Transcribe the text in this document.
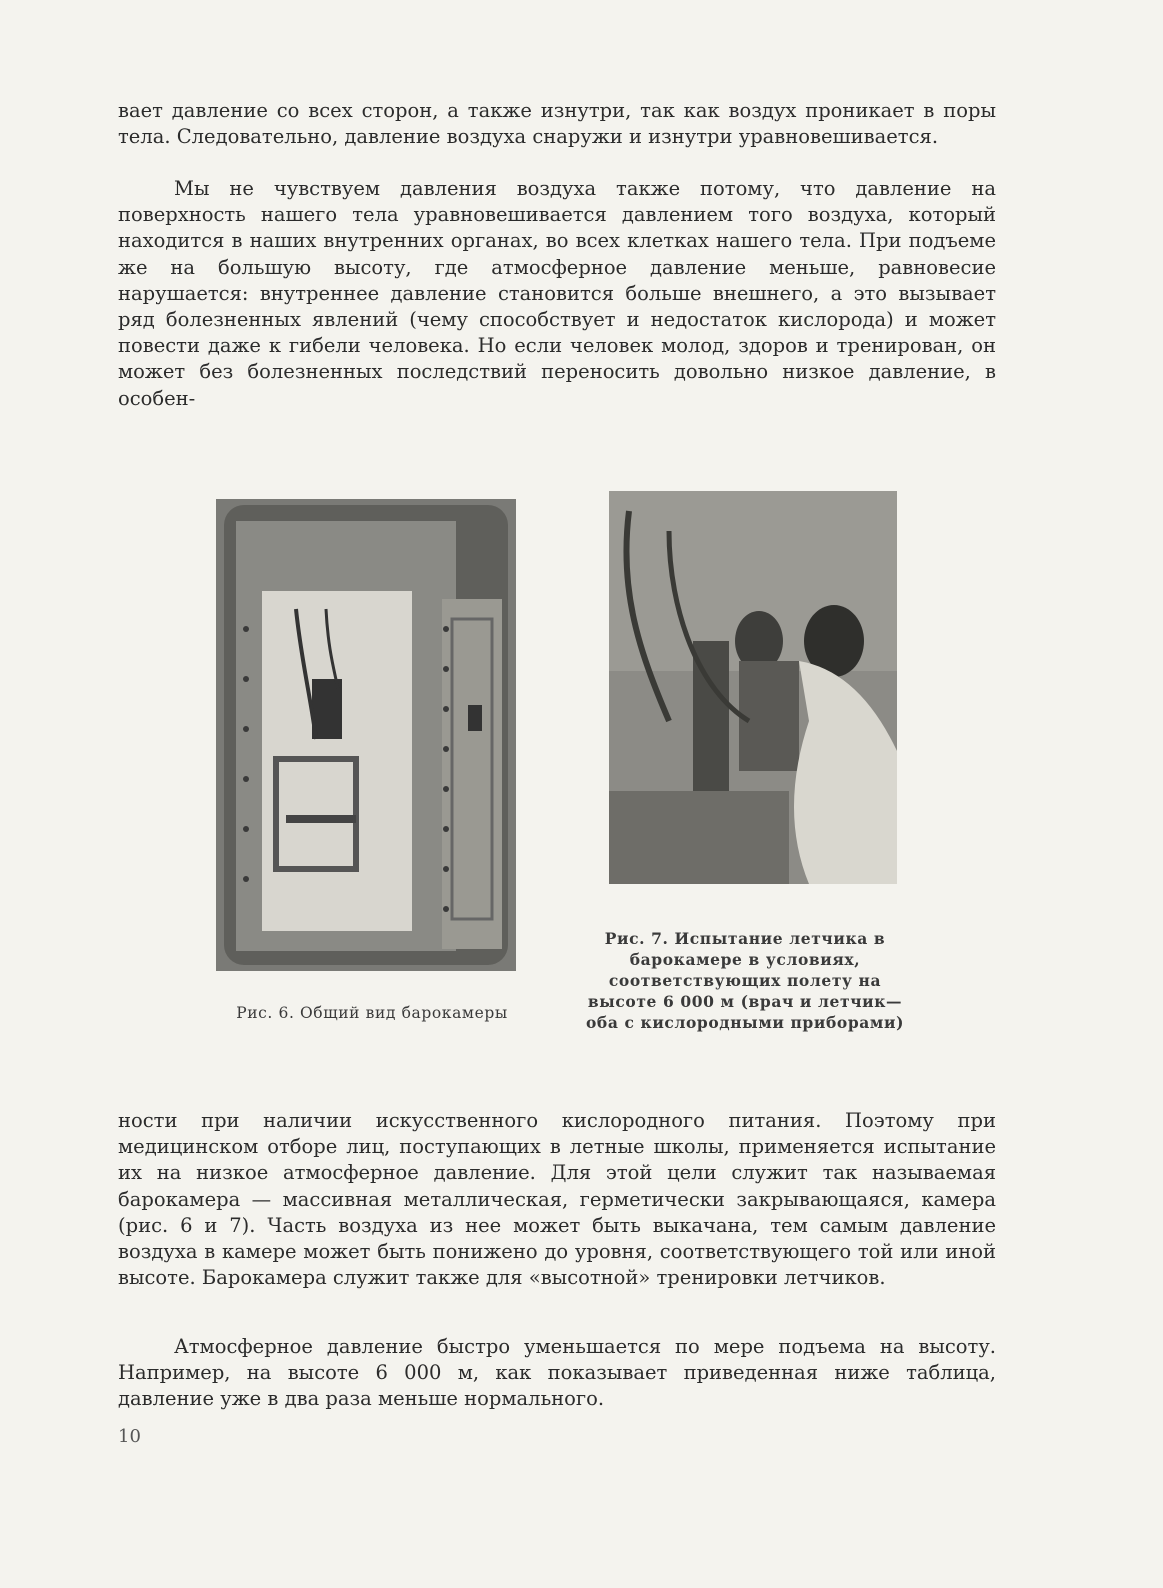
вает давление со всех сторон, а также изнутри, так как воздух проникает в поры тела. Следовательно, давление воздуха снаружи и изнутри уравновешивается.

Мы не чувствуем давления воздуха также потому, что давление на поверхность нашего тела уравновешивается давлением того воздуха, который находится в наших внутренних органах, во всех клетках нашего тела. При подъеме же на большую высоту, где атмосферное давление меньше, равновесие нарушается: внутреннее давление становится больше внешнего, а это вызывает ряд болезненных явлений (чему способствует и недостаток кислорода) и может повести даже к гибели человека. Но если человек молод, здоров и тренирован, он может без болезненных последствий переносить довольно низкое давление, в особен-

Рис. 6. Общий вид барокамеры

Рис. 7. Испытание летчика в барокамере в условиях, соответствующих полету на высоте 6 000 м (врач и летчик—оба с кислородными приборами)

ности при наличии искусственного кислородного питания. Поэтому при медицинском отборе лиц, поступающих в летные школы, применяется испытание их на низкое атмосферное давление. Для этой цели служит так называемая барокамера — массивная металлическая, герметически закрывающаяся, камера (рис. 6 и 7). Часть воздуха из нее может быть выкачана, тем самым давление воздуха в камере может быть понижено до уровня, соответствующего той или иной высоте. Барокамера служит также для «высотной» тренировки летчиков.

Атмосферное давление быстро уменьшается по мере подъема на высоту. Например, на высоте 6 000 м, как показывает приведенная ниже таблица, давление уже в два раза меньше нормального.

10
